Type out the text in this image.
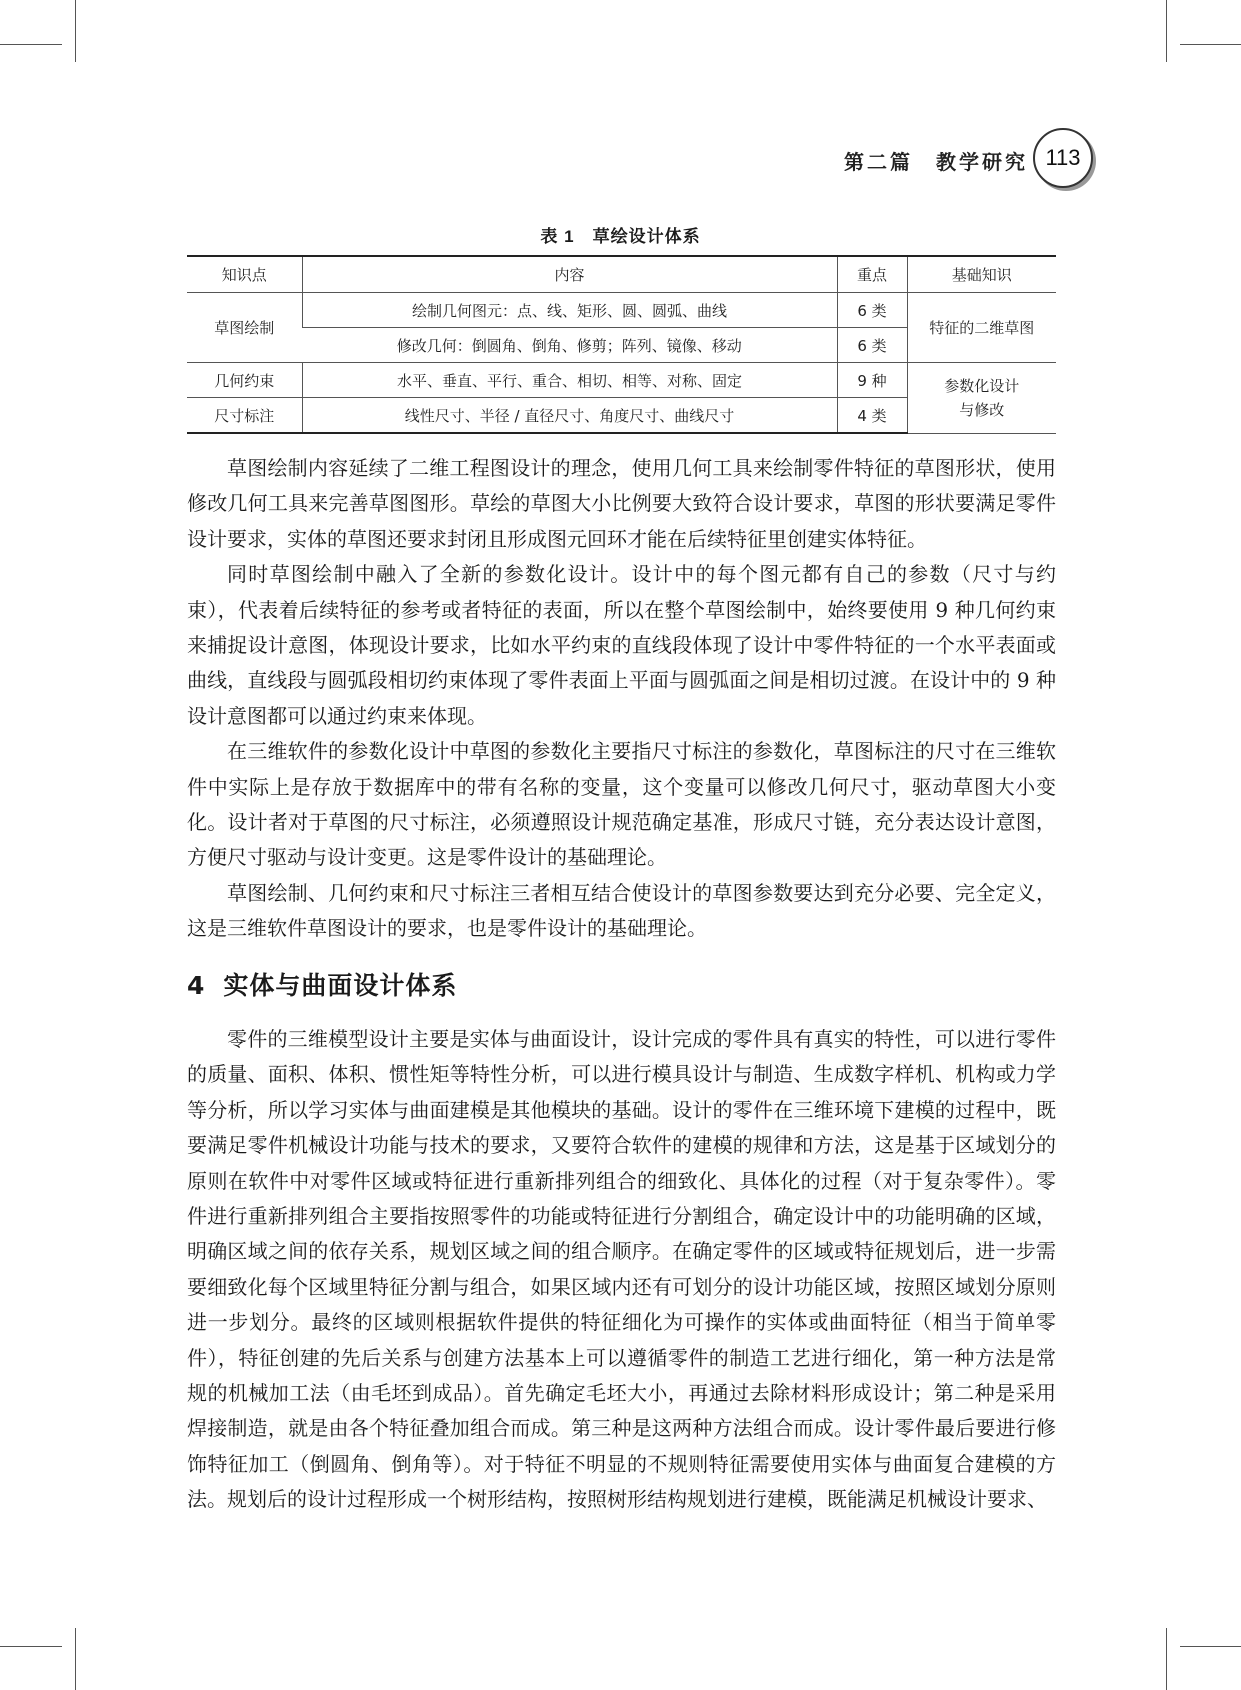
第二篇　教学研究 113
表 1　草绘设计体系
知识点	内容	重点	基础知识
草图绘制	绘制几何图元：点、线、矩形、圆、圆弧、曲线	6 类	特征的二维草图
	修改几何：倒圆角、倒角、修剪；阵列、镜像、移动	6 类	
几何约束	水平、垂直、平行、重合、相切、相等、对称、固定	9 种	参数化设计
与修改

尺寸标注	线性尺寸、半径 / 直径尺寸、角度尺寸、曲线尺寸	4 类	

草图绘制内容延续了二维工程图设计的理念，使用几何工具来绘制零件特征的草图形状，使用修改几何工具来完善草图图形。草绘的草图大小比例要大致符合设计要求，草图的形状要满足零件设计要求，实体的草图还要求封闭且形成图元回环才能在后续特征里创建实体特征。

同时草图绘制中融入了全新的参数化设计。设计中的每个图元都有自己的参数（尺寸与约束），代表着后续特征的参考或者特征的表面，所以在整个草图绘制中，始终要使用 9 种几何约束来捕捉设计意图，体现设计要求，比如水平约束的直线段体现了设计中零件特征的一个水平表面或曲线，直线段与圆弧段相切约束体现了零件表面上平面与圆弧面之间是相切过渡。在设计中的 9 种设计意图都可以通过约束来体现。

在三维软件的参数化设计中草图的参数化主要指尺寸标注的参数化，草图标注的尺寸在三维软件中实际上是存放于数据库中的带有名称的变量，这个变量可以修改几何尺寸，驱动草图大小变化。设计者对于草图的尺寸标注，必须遵照设计规范确定基准，形成尺寸链，充分表达设计意图，方便尺寸驱动与设计变更。这是零件设计的基础理论。

草图绘制、几何约束和尺寸标注三者相互结合使设计的草图参数要达到充分必要、完全定义，这是三维软件草图设计的要求，也是零件设计的基础理论。

4 实体与曲面设计体系

零件的三维模型设计主要是实体与曲面设计，设计完成的零件具有真实的特性，可以进行零件的质量、面积、体积、惯性矩等特性分析，可以进行模具设计与制造、生成数字样机、机构或力学等分析，所以学习实体与曲面建模是其他模块的基础。设计的零件在三维环境下建模的过程中，既要满足零件机械设计功能与技术的要求，又要符合软件的建模的规律和方法，这是基于区域划分的原则在软件中对零件区域或特征进行重新排列组合的细致化、具体化的过程（对于复杂零件）。零件进行重新排列组合主要指按照零件的功能或特征进行分割组合，确定设计中的功能明确的区域，明确区域之间的依存关系，规划区域之间的组合顺序。在确定零件的区域或特征规划后，进一步需要细致化每个区域里特征分割与组合，如果区域内还有可划分的设计功能区域，按照区域划分原则进一步划分。最终的区域则根据软件提供的特征细化为可操作的实体或曲面特征（相当于简单零件），特征创建的先后关系与创建方法基本上可以遵循零件的制造工艺进行细化，第一种方法是常规的机械加工法（由毛坯到成品）。首先确定毛坯大小，再通过去除材料形成设计；第二种是采用焊接制造，就是由各个特征叠加组合而成。第三种是这两种方法组合而成。设计零件最后要进行修饰特征加工（倒圆角、倒角等）。对于特征不明显的不规则特征需要使用实体与曲面复合建模的方法。规划后的设计过程形成一个树形结构，按照树形结构规划进行建模，既能满足机械设计要求、
